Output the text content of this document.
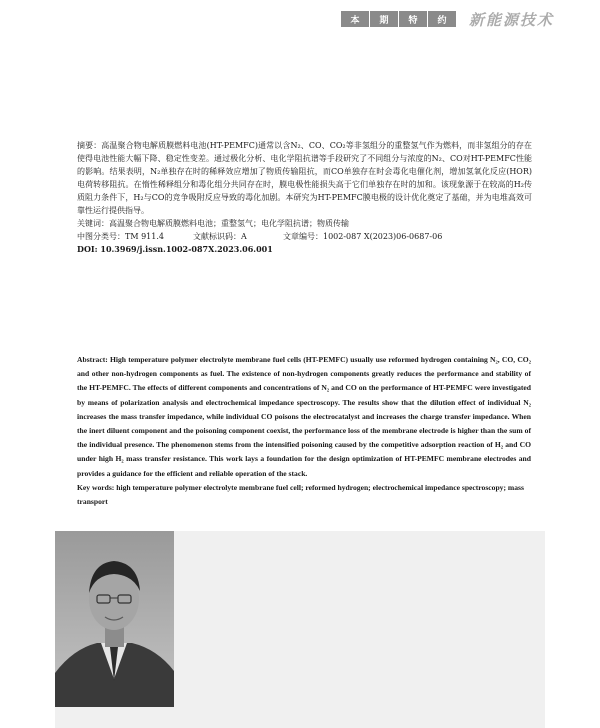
本	期	特	约	新能源技术

摘要：高温聚合物电解质膜燃料电池(HT-PEMFC)通常以含N₂、CO、CO₂等非氢组分的重整氢气作为燃料，而非氢组分的存在使得电池性能大幅下降、稳定性变差。通过极化分析、电化学阻抗谱等手段研究了不同组分与浓度的N₂、CO对HT-PEMFC性能的影响。结果表明，N₂单独存在时的稀释效应增加了物质传输阻抗，而CO单独存在时会毒化电催化剂，增加氢氧化反应(HOR)电荷转移阻抗。在惰性稀释组分和毒化组分共同存在时，膜电极性能损失高于它们单独存在时的加和。该现象源于在较高的H₂传质阻力条件下，H₂与CO的竞争吸附反应导致的毒化加剧。本研究为HT-PEMFC膜电极的设计优化奠定了基础，并为电堆高效可靠性运行提供指导。

关键词：高温聚合物电解质膜燃料电池；重整氢气；电化学阻抗谱；物质传输

中图分类号：TM 911.4	文献标识码：A	文章编号：1002-087 X(2023)06-0687-06

DOI: 10.3969/j.issn.1002-087X.2023.06.001

Abstract: High temperature polymer electrolyte membrane fuel cells (HT-PEMFC) usually use reformed hydrogen containing N₂, CO, CO₂ and other non-hydrogen components as fuel. The existence of non-hydrogen components greatly reduces the performance and stability of the HT-PEMFC. The effects of different components and concentrations of N₂ and CO on the performance of HT-PEMFC were investigated by means of polarization analysis and electrochemical impedance spectroscopy. The results show that the dilution effect of individual N₂ increases the mass transfer impedance, while individual CO poisons the electrocatalyst and increases the charge transfer impedance. When the inert diluent component and the poisoning component coexist, the performance loss of the membrane electrode is higher than the sum of the individual presence. The phenomenon stems from the intensified poisoning caused by the competitive adsorption reaction of H₂ and CO under high H₂ mass transfer resistance. This work lays a foundation for the design optimization of HT-PEMFC membrane electrodes and provides a guidance for the efficient and reliable operation of the stack.

Key words: high temperature polymer electrolyte membrane fuel cell; reformed hydrogen; electrochemical impedance spectroscopy; mass transport
